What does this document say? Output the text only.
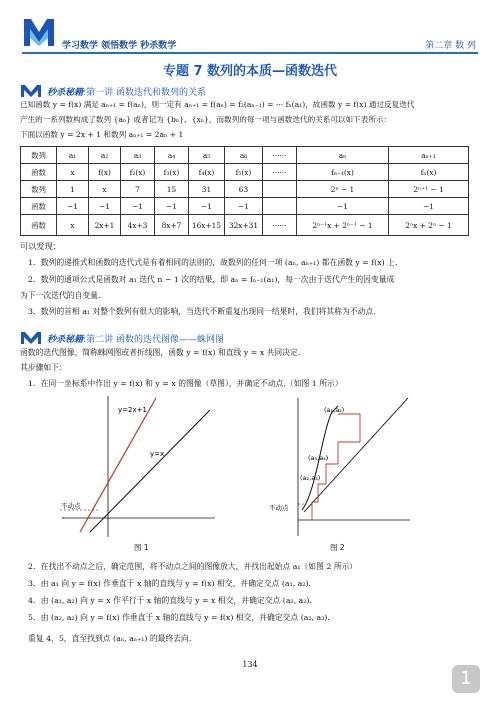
学习数学 领悟数学 秒杀数学	第二章 数 列
专题 7 数列的本质—函数迭代
秒杀秘籍:第一讲 函数迭代和数列的关系
已知函数 y = f(x) 满足 aₙ₊₁ = f(aₙ)，则一定有 aₙ₊₁ = f(aₙ) = f₂(aₙ₋₁) = ··· fₙ(a₁)，故函数 y = f(x) 通过反复迭代
产生的一系列数构成了数列 {aₙ} 或者记为 {bₙ}、{xₙ}，而数列的每一项与函数迭代的关系可以如下表所示：
下面以函数 y = 2x + 1 和数列 aₙ₊₁ = 2aₙ + 1
数列	a₁	a₂	a₃	a₄	a₅	a₆	······	aₙ	aₙ₊₁
函数	x	f(x)	f₂(x)	f₃(x)	f₄(x)	f₅(x)	······	fₙ₋₁(x)	fₙ(x)
数列	1	x	7	15	31	63		2ⁿ − 1	2ⁿ⁺¹ − 1
函数	−1	−1	−1	−1	−1	−1		−1	−1
函数	x	2x+1	4x+3	8x+7	16x+15	32x+31	······	2ⁿ⁻¹x + 2ⁿ⁻¹ − 1	2ⁿx + 2ⁿ − 1
可以发现：
1．数列的递推式和函数的迭代式是有着相同的法则的，故数列的任何一项 (aₙ, aₙ₊₁) 都在函数 y = f(x) 上.
2．数列的通项公式是函数对 a₁ 迭代 n − 1 次的结果，即 aₙ = fₙ₋₁(a₁)，每一次由于迭代产生的因变量成
为下一次迭代的自变量.
3．数列的首相 a₁ 对整个数列有很大的影响，当迭代不断重复出现同一结果时，我们将其称为不动点.
秒杀秘籍:第二讲 函数的迭代图像——蛛网图
函数的迭代图像，简称蛛网图或者折线图，函数 y = f(x) 和直线 y = x 共同决定.
其步骤如下：
1．在同一坐标系中作出 y = f(x) 和 y = x 的图像（草图），并确定不动点.（如图 1 所示）
y=2x+1
y=x
不动点
图 1
(a₁,a₂)
(a₃,a₄)
(a₂,a₃)
不动点
图 2
2．在找出不动点之后，确定范围，将不动点之间的图像放大，并找出起始点 a₁（如图 2 所示）
3．由 a₁ 向 y = f(x) 作垂直于 x 轴的直线与 y = f(x) 相交，并确定交点 (a₁, a₂).
4．由 (a₁, a₂) 向 y = x 作平行于 x 轴的直线与 y = x 相交，并确定交点 (a₂, a₂).
5．由 (a₂, a₂) 向 y = f(x) 作垂直于 x 轴的直线与 y = f(x) 相交，并确定交点 (a₂, a₃).
重复 4，5，直至找到点 (aₙ, aₙ₊₁) 的最终去向.
134
1
